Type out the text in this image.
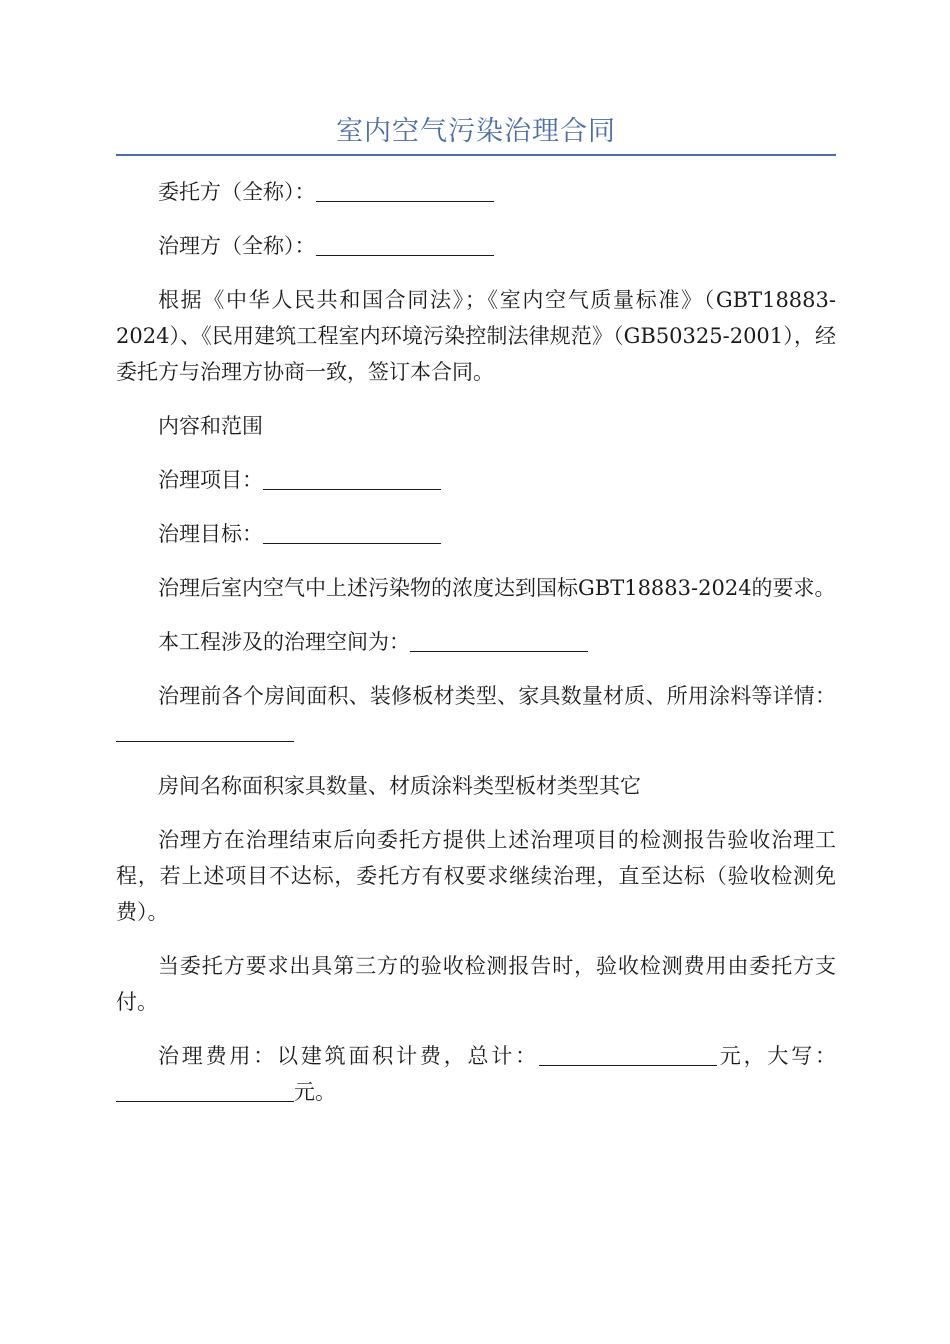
室内空气污染治理合同

委托方（全称）：

治理方（全称）：

根据《中华人民共和国合同法》；《室内空气质量标准》（GBT18883-2024）、《民用建筑工程室内环境污染控制法律规范》（GB50325-2001），经委托方与治理方协商一致，签订本合同。

内容和范围

治理项目：

治理目标：

治理后室内空气中上述污染物的浓度达到国标GBT18883-2024的要求。

本工程涉及的治理空间为：

治理前各个房间面积、装修板材类型、家具数量材质、所用涂料等详情：

房间名称面积家具数量、材质涂料类型板材类型其它

治理方在治理结束后向委托方提供上述治理项目的检测报告验收治理工程，若上述项目不达标，委托方有权要求继续治理，直至达标（验收检测免费）。

当委托方要求出具第三方的验收检测报告时，验收检测费用由委托方支付。

治理费用：以建筑面积计费，总计：	元，大写：元。
